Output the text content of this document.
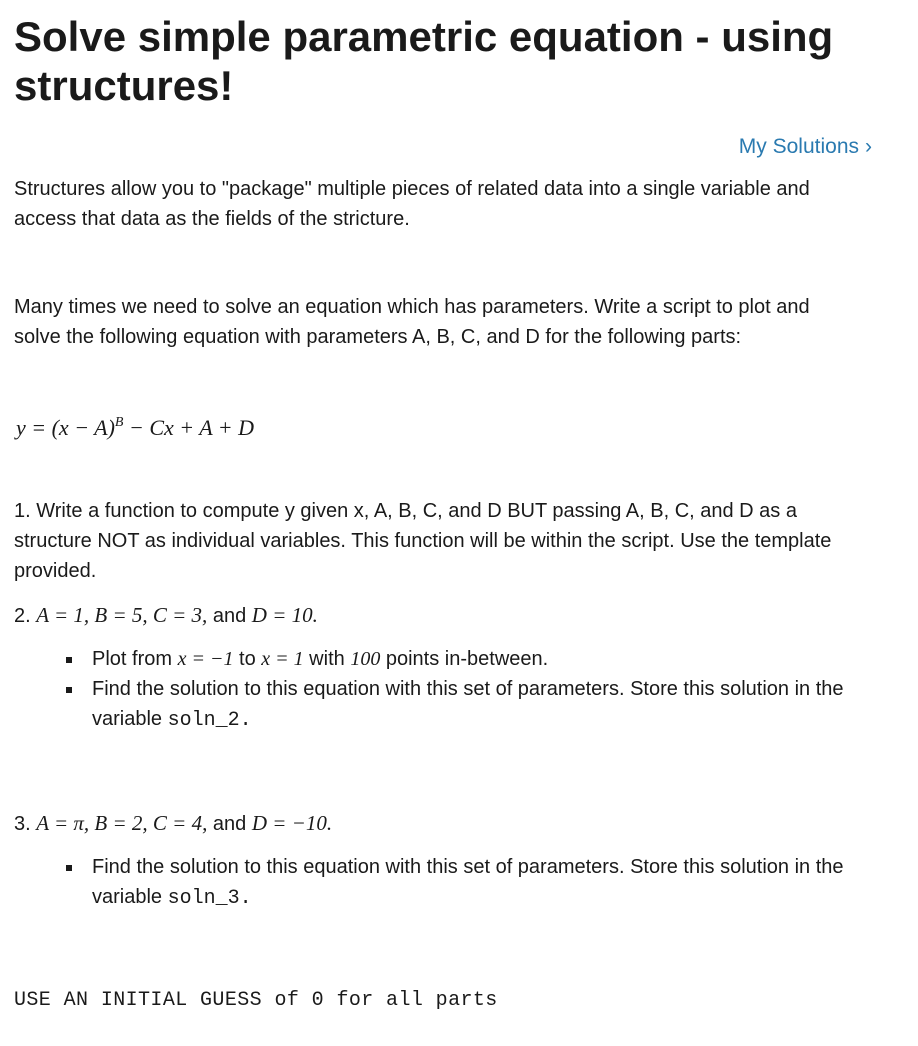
Solve simple parametric equation - using structures!
My Solutions ›

Structures allow you to "package" multiple pieces of related data into a single variable and access that data as the fields of the stricture.

Many times we need to solve an equation which has parameters. Write a script to plot and solve the following equation with parameters A, B, C, and D for the following parts:

$y = (x - A)^B - Cx + A + D$

1. Write a function to compute y given x, A, B, C, and D BUT passing A, B, C, and D as a structure NOT as individual variables. This function will be within the script. Use the template provided.

2. A = 1, B = 5, C = 3, and D = 10.

Plot from x = −1 to x = 1 with 100 points in-between.
Find the solution to this equation with this set of parameters. Store this solution in the variable soln_2.

3. A = π, B = 2, C = 4, and D = −10.

Find the solution to this equation with this set of parameters. Store this solution in the variable soln_3.
USE AN INITIAL GUESS of 0 for all parts
